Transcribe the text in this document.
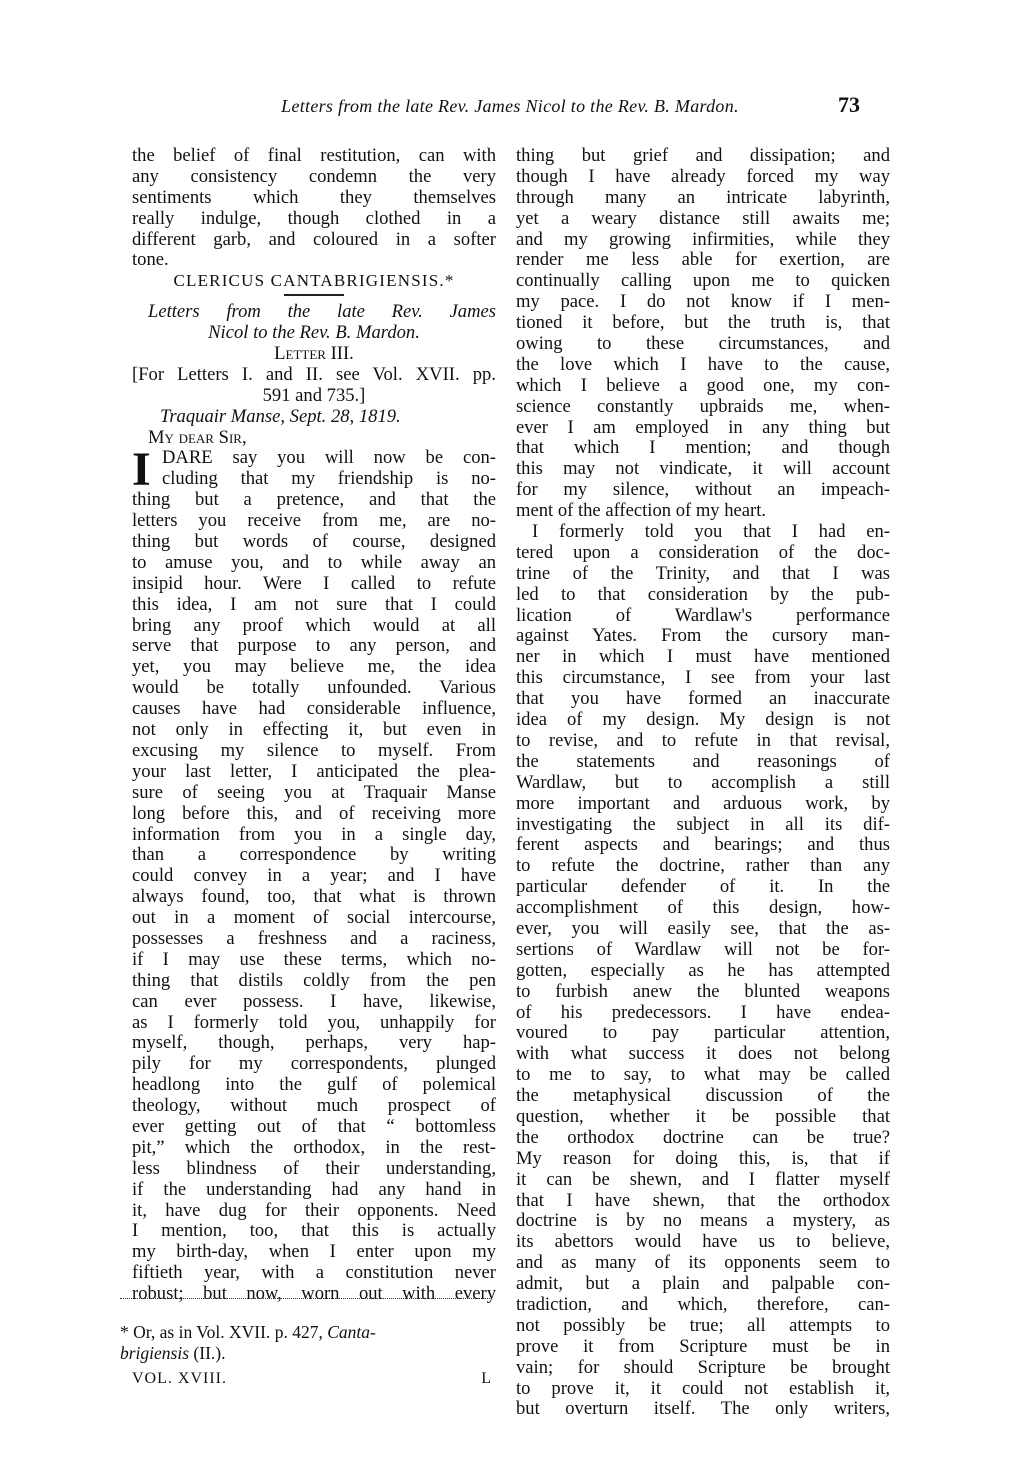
Letters from the late Rev. James Nicol to the Rev. B. Mardon.	73
the belief of final restitution, can with
any consistency condemn the very
sentiments which they themselves
really indulge, though clothed in a
different garb, and coloured in a softer
tone.
CLERICUS CANTABRIGIENSIS.*
Letters from the late Rev. James
Nicol to the Rev. B. Mardon.
Letter III.
[For Letters I. and II. see Vol. XVII. pp.
591 and 735.]
Traquair Manse, Sept. 28, 1819.
My dear Sir,
I DARE say you will now be con-
cluding that my friendship is no-
thing but a pretence, and that the
letters you receive from me, are no-
thing but words of course, designed
to amuse you, and to while away an
insipid hour. Were I called to refute
this idea, I am not sure that I could
bring any proof which would at all
serve that purpose to any person, and
yet, you may believe me, the idea
would be totally unfounded. Various
causes have had considerable influence,
not only in effecting it, but even in
excusing my silence to myself. From
your last letter, I anticipated the plea-
sure of seeing you at Traquair Manse
long before this, and of receiving more
information from you in a single day,
than a correspondence by writing
could convey in a year; and I have
always found, too, that what is thrown
out in a moment of social intercourse,
possesses a freshness and a raciness,
if I may use these terms, which no-
thing that distils coldly from the pen
can ever possess. I have, likewise,
as I formerly told you, unhappily for
myself, though, perhaps, very hap-
pily for my correspondents, plunged
headlong into the gulf of polemical
theology, without much prospect of
ever getting out of that “ bottomless
pit,” which the orthodox, in the rest-
less blindness of their understanding,
if the understanding had any hand in
it, have dug for their opponents. Need
I mention, too, that this is actually
my birth-day, when I enter upon my
fiftieth year, with a constitution never
robust; but now, worn out with every
thing but grief and dissipation; and
though I have already forced my way
through many an intricate labyrinth,
yet a weary distance still awaits me;
and my growing infirmities, while they
render me less able for exertion, are
continually calling upon me to quicken
my pace. I do not know if I men-
tioned it before, but the truth is, that
owing to these circumstances, and
the love which I have to the cause,
which I believe a good one, my con-
science constantly upbraids me, when-
ever I am employed in any thing but
that which I mention; and though
this may not vindicate, it will account
for my silence, without an impeach-
ment of the affection of my heart.
I formerly told you that I had en-
tered upon a consideration of the doc-
trine of the Trinity, and that I was
led to that consideration by the pub-
lication of Wardlaw's performance
against Yates. From the cursory man-
ner in which I must have mentioned
this circumstance, I see from your last
that you have formed an inaccurate
idea of my design. My design is not
to revise, and to refute in that revisal,
the statements and reasonings of
Wardlaw, but to accomplish a still
more important and arduous work, by
investigating the subject in all its dif-
ferent aspects and bearings; and thus
to refute the doctrine, rather than any
particular defender of it. In the
accomplishment of this design, how-
ever, you will easily see, that the as-
sertions of Wardlaw will not be for-
gotten, especially as he has attempted
to furbish anew the blunted weapons
of his predecessors. I have endea-
voured to pay particular attention,
with what success it does not belong
to me to say, to what may be called
the metaphysical discussion of the
question, whether it be possible that
the orthodox doctrine can be true?
My reason for doing this, is, that if
it can be shewn, and I flatter myself
that I have shewn, that the orthodox
doctrine is by no means a mystery, as
its abettors would have us to believe,
and as many of its opponents seem to
admit, but a plain and palpable con-
tradiction, and which, therefore, can-
not possibly be true; all attempts to
prove it from Scripture must be in
vain; for should Scripture be brought
to prove it, it could not establish it,
but overturn itself. The only writers,
* Or, as in Vol. XVII. p. 427, Canta-
brigiensis (II.).
VOL. XVIII.	L
